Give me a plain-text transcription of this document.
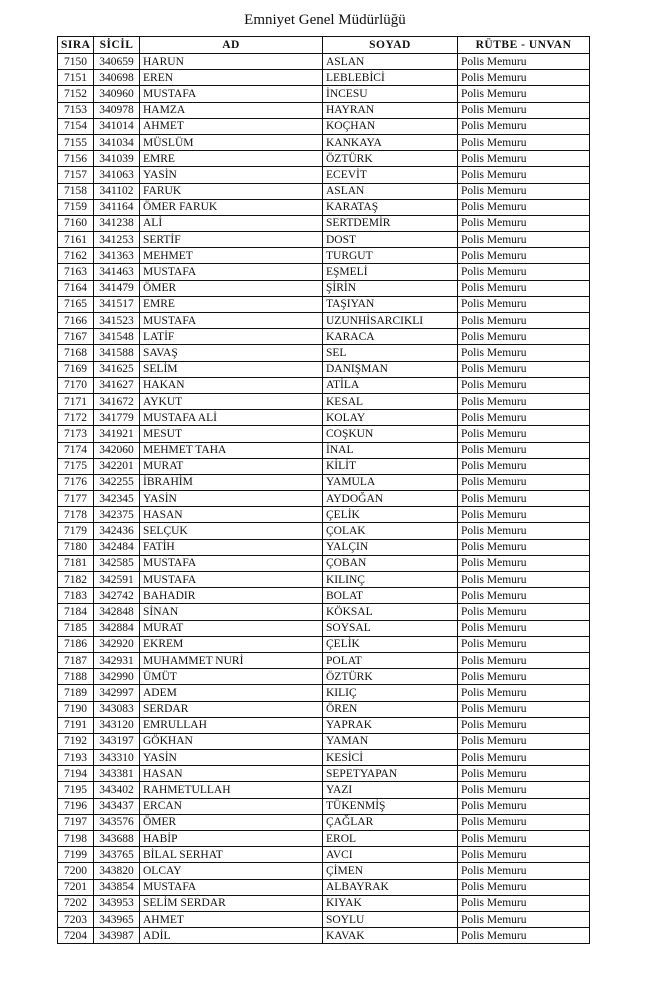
Emniyet Genel Müdürlüğü
SIRA	SİCİL	AD	SOYAD	RÜTBE - UNVAN
7150	340659	HARUN	ASLAN	Polis Memuru
7151	340698	EREN	LEBLEBİCİ	Polis Memuru
7152	340960	MUSTAFA	İNCESU	Polis Memuru
7153	340978	HAMZA	HAYRAN	Polis Memuru
7154	341014	AHMET	KOÇHAN	Polis Memuru
7155	341034	MÜSLÜM	KANKAYA	Polis Memuru
7156	341039	EMRE	ÖZTÜRK	Polis Memuru
7157	341063	YASİN	ECEVİT	Polis Memuru
7158	341102	FARUK	ASLAN	Polis Memuru
7159	341164	ÖMER FARUK	KARATAŞ	Polis Memuru
7160	341238	ALİ	SERTDEMİR	Polis Memuru
7161	341253	SERTİF	DOST	Polis Memuru
7162	341363	MEHMET	TURGUT	Polis Memuru
7163	341463	MUSTAFA	EŞMELİ	Polis Memuru
7164	341479	ÖMER	ŞİRİN	Polis Memuru
7165	341517	EMRE	TAŞIYAN	Polis Memuru
7166	341523	MUSTAFA	UZUNHİSARCIKLI	Polis Memuru
7167	341548	LATİF	KARACA	Polis Memuru
7168	341588	SAVAŞ	SEL	Polis Memuru
7169	341625	SELİM	DANIŞMAN	Polis Memuru
7170	341627	HAKAN	ATİLA	Polis Memuru
7171	341672	AYKUT	KESAL	Polis Memuru
7172	341779	MUSTAFA ALİ	KOLAY	Polis Memuru
7173	341921	MESUT	COŞKUN	Polis Memuru
7174	342060	MEHMET TAHA	İNAL	Polis Memuru
7175	342201	MURAT	KİLİT	Polis Memuru
7176	342255	İBRAHİM	YAMULA	Polis Memuru
7177	342345	YASİN	AYDOĞAN	Polis Memuru
7178	342375	HASAN	ÇELİK	Polis Memuru
7179	342436	SELÇUK	ÇOLAK	Polis Memuru
7180	342484	FATİH	YALÇIN	Polis Memuru
7181	342585	MUSTAFA	ÇOBAN	Polis Memuru
7182	342591	MUSTAFA	KILINÇ	Polis Memuru
7183	342742	BAHADIR	BOLAT	Polis Memuru
7184	342848	SİNAN	KÖKSAL	Polis Memuru
7185	342884	MURAT	SOYSAL	Polis Memuru
7186	342920	EKREM	ÇELİK	Polis Memuru
7187	342931	MUHAMMET NURİ	POLAT	Polis Memuru
7188	342990	ÜMÜT	ÖZTÜRK	Polis Memuru
7189	342997	ADEM	KILIÇ	Polis Memuru
7190	343083	SERDAR	ÖREN	Polis Memuru
7191	343120	EMRULLAH	YAPRAK	Polis Memuru
7192	343197	GÖKHAN	YAMAN	Polis Memuru
7193	343310	YASİN	KESİCİ	Polis Memuru
7194	343381	HASAN	SEPETYAPAN	Polis Memuru
7195	343402	RAHMETULLAH	YAZI	Polis Memuru
7196	343437	ERCAN	TÜKENMİŞ	Polis Memuru
7197	343576	ÖMER	ÇAĞLAR	Polis Memuru
7198	343688	HABİP	EROL	Polis Memuru
7199	343765	BİLAL SERHAT	AVCI	Polis Memuru
7200	343820	OLCAY	ÇİMEN	Polis Memuru
7201	343854	MUSTAFA	ALBAYRAK	Polis Memuru
7202	343953	SELİM SERDAR	KIYAK	Polis Memuru
7203	343965	AHMET	SOYLU	Polis Memuru
7204	343987	ADİL	KAVAK	Polis Memuru
